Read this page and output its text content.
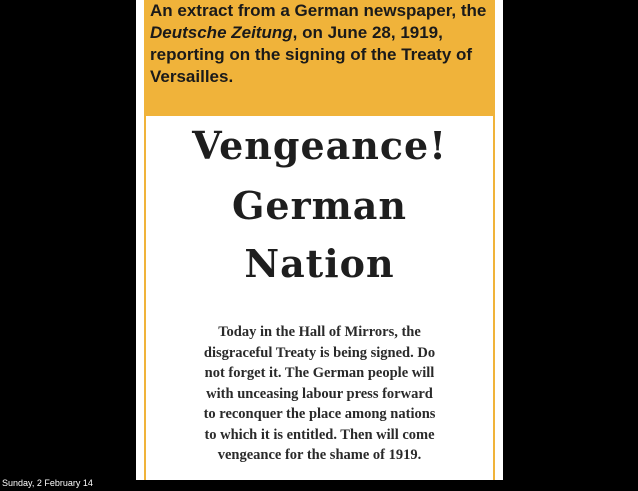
An extract from a German newspaper, the Deutsche Zeitung, on June 28, 1919, reporting on the signing of the Treaty of Versailles.

Vengeance!
German
Nation
Today in the Hall of Mirrors, the
disgraceful Treaty is being signed. Do
not forget it. The German people will
with unceasing labour press forward
to reconquer the place among nations
to which it is entitled. Then will come
vengeance for the shame of 1919.
Sunday, 2 February 14
